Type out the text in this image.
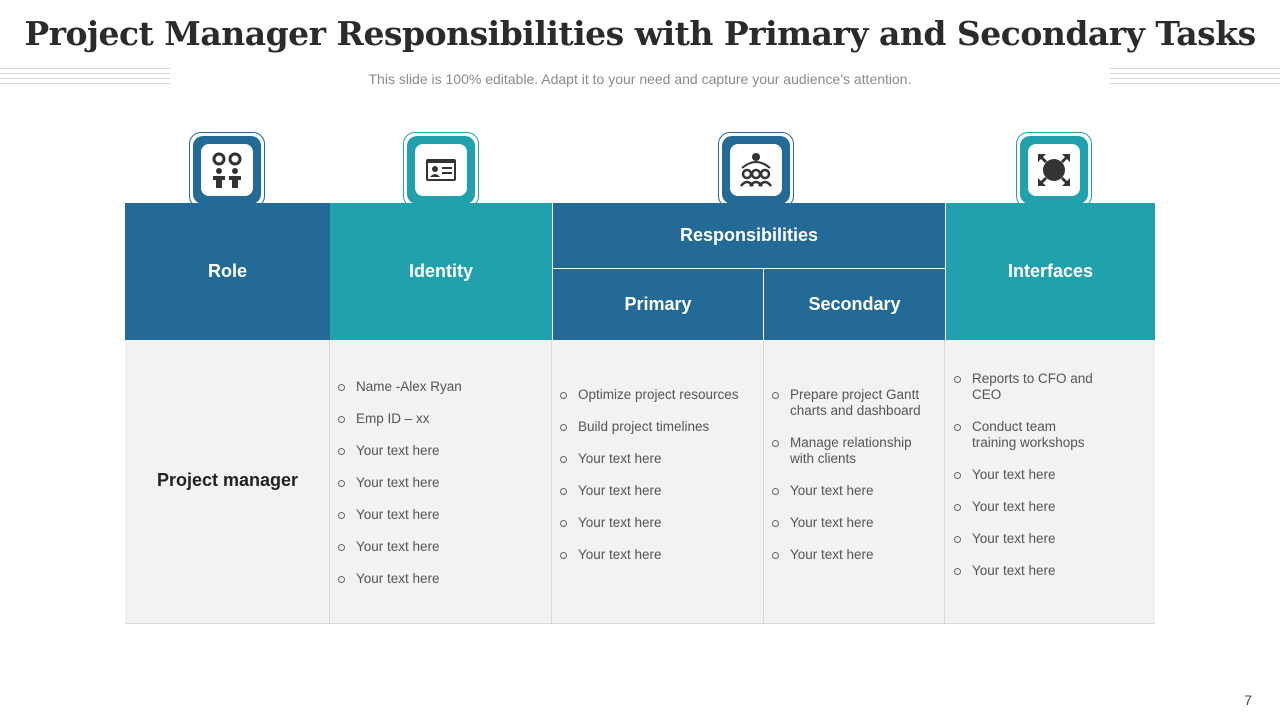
Project Manager Responsibilities with Primary and Secondary Tasks
This slide is 100% editable. Adapt it to your need and capture your audience’s attention.
Role	Identity
Responsibilities
Primary	Secondary
Interfaces
Project manager
Name -Alex Ryan
Emp ID – xx
Your text here
Your text here
Your text here
Your text here
Your text here
Optimize project resources
Build project timelines
Your text here
Your text here
Your text here
Your text here
Prepare project Gantt charts and dashboard
Manage relationship with clients
Your text here
Your text here
Your text here
Reports to CFO and CEO
Conduct team training workshops
Your text here
Your text here
Your text here
Your text here
7
